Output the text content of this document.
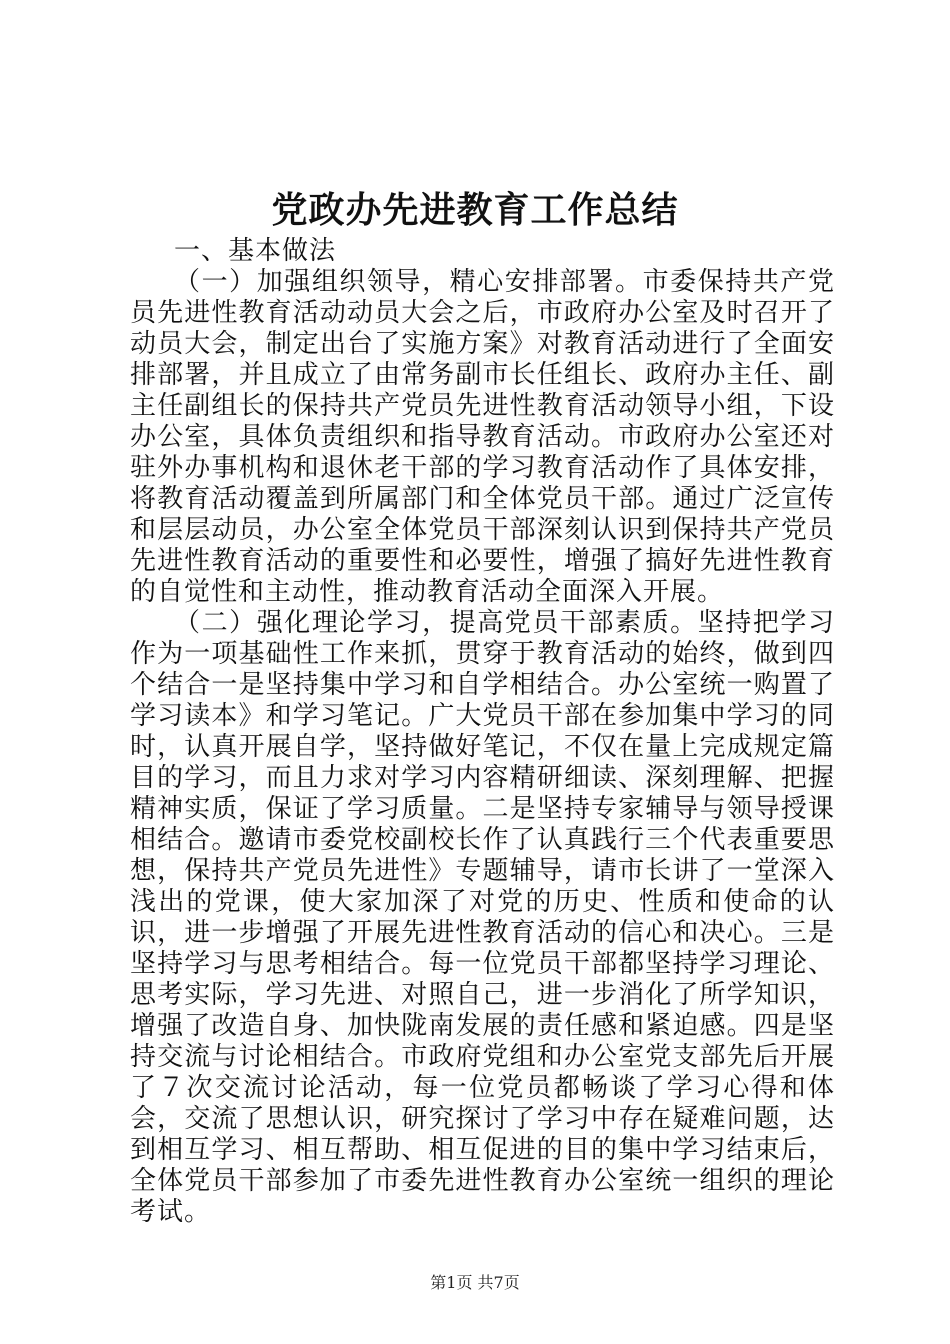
党政办先进教育工作总结

一、基本做法

（一）加强组织领导，精心安排部署。市委保持共产党员先进性教育活动动员大会之后，市政府办公室及时召开了动员大会，制定出台了实施方案》对教育活动进行了全面安排部署，并且成立了由常务副市长任组长、政府办主任、副主任副组长的保持共产党员先进性教育活动领导小组，下设办公室，具体负责组织和指导教育活动。市政府办公室还对驻外办事机构和退休老干部的学习教育活动作了具体安排，将教育活动覆盖到所属部门和全体党员干部。通过广泛宣传和层层动员，办公室全体党员干部深刻认识到保持共产党员先进性教育活动的重要性和必要性，增强了搞好先进性教育的自觉性和主动性，推动教育活动全面深入开展。

（二）强化理论学习，提高党员干部素质。坚持把学习作为一项基础性工作来抓，贯穿于教育活动的始终，做到四个结合一是坚持集中学习和自学相结合。办公室统一购置了学习读本》和学习笔记。广大党员干部在参加集中学习的同时，认真开展自学，坚持做好笔记，不仅在量上完成规定篇目的学习，而且力求对学习内容精研细读、深刻理解、把握精神实质，保证了学习质量。二是坚持专家辅导与领导授课相结合。邀请市委党校副校长作了认真践行三个代表重要思想，保持共产党员先进性》专题辅导，请市长讲了一堂深入浅出的党课，使大家加深了对党的历史、性质和使命的认识，进一步增强了开展先进性教育活动的信心和决心。三是坚持学习与思考相结合。每一位党员干部都坚持学习理论、思考实际，学习先进、对照自己，进一步消化了所学知识，增强了改造自身、加快陇南发展的责任感和紧迫感。四是坚持交流与讨论相结合。市政府党组和办公室党支部先后开展了７次交流讨论活动，每一位党员都畅谈了学习心得和体会，交流了思想认识，研究探讨了学习中存在疑难问题，达到相互学习、相互帮助、相互促进的目的集中学习结束后，全体党员干部参加了市委先进性教育办公室统一组织的理论考试。

第1页 共7页
